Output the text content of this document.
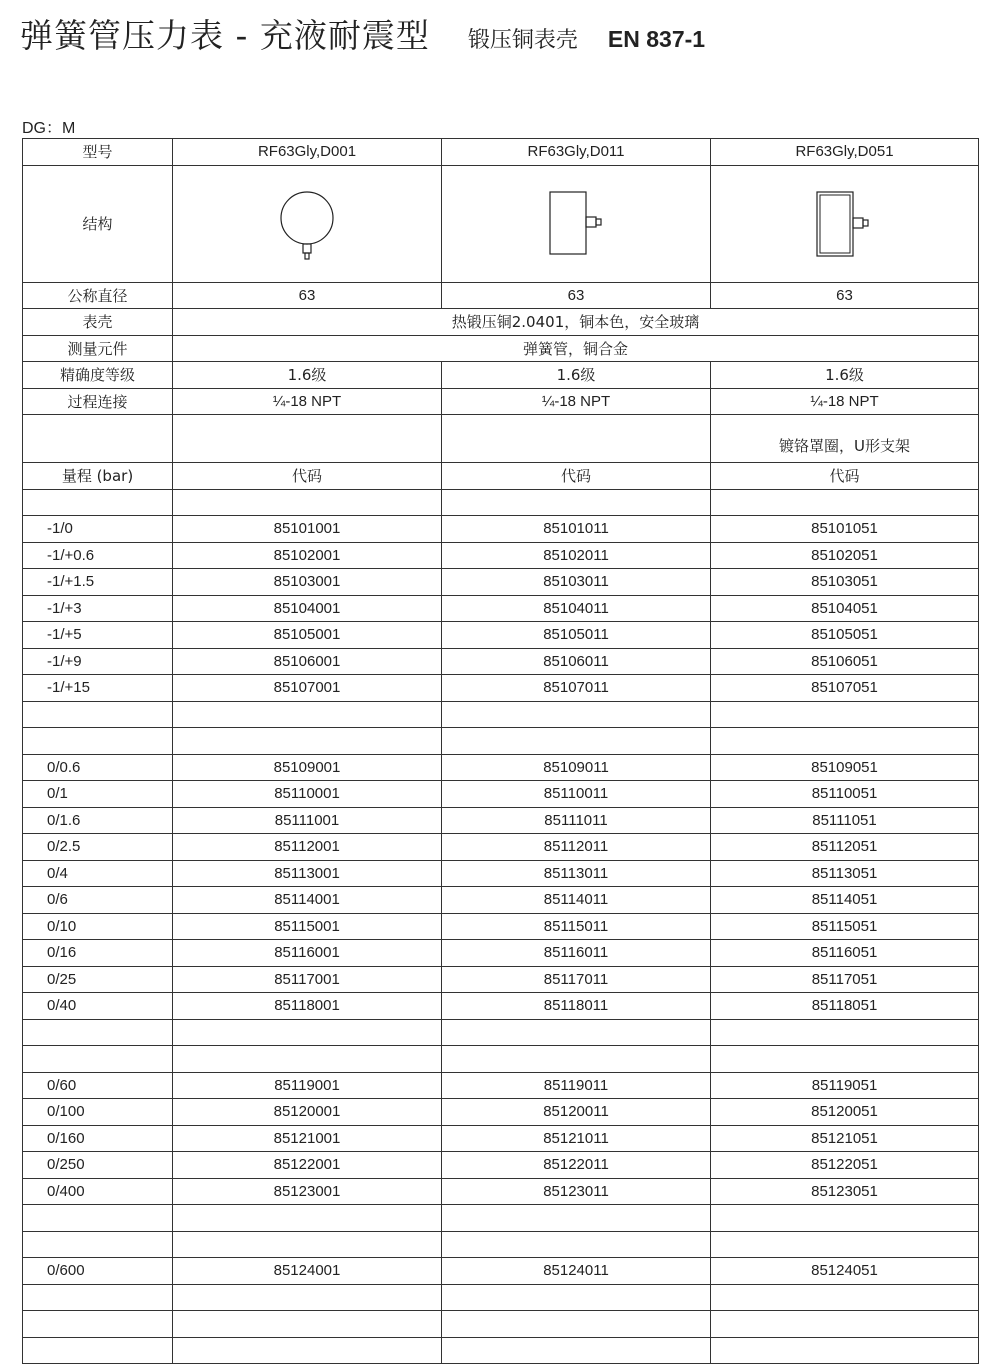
弹簧管压力表 - 充液耐震型 锻压铜表壳 EN 837-1
DG：M
型号	RF63Gly,D001	RF63Gly,D011	RF63Gly,D051
结构	

公称直径	63	63	63
表壳	热锻压铜2.0401，铜本色，安全玻璃		
测量元件	弹簧管，铜合金		
精确度等级	1.6级	1.6级	1.6级
过程连接	¼-18 NPT	¼-18 NPT	¼-18 NPT
			镀铬罩圈，U形支架
量程 (bar)	代码	代码	代码

-1/0	85101001	85101011	85101051
-1/+0.6	85102001	85102011	85102051
-1/+1.5	85103001	85103011	85103051
-1/+3	85104001	85104011	85104051
-1/+5	85105001	85105011	85105051
-1/+9	85106001	85106011	85106051
-1/+15	85107001	85107011	85107051

0/0.6	85109001	85109011	85109051
0/1	85110001	85110011	85110051
0/1.6	85111001	85111011	85111051
0/2.5	85112001	85112011	85112051
0/4	85113001	85113011	85113051
0/6	85114001	85114011	85114051
0/10	85115001	85115011	85115051
0/16	85116001	85116011	85116051
0/25	85117001	85117011	85117051
0/40	85118001	85118011	85118051

0/60	85119001	85119011	85119051
0/100	85120001	85120011	85120051
0/160	85121001	85121011	85121051
0/250	85122001	85122011	85122051
0/400	85123001	85123011	85123051

0/600	85124001	85124011	85124051
